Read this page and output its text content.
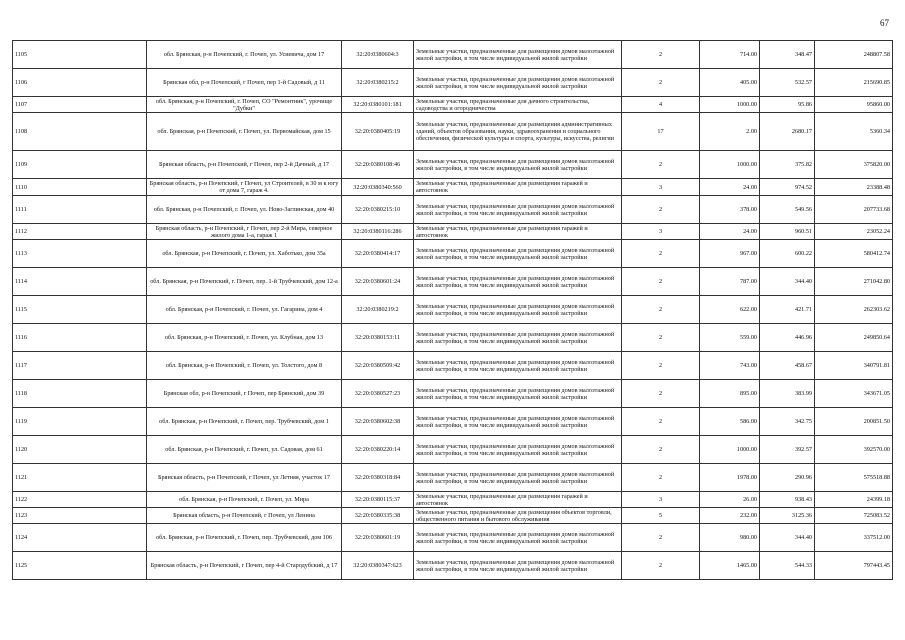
67
1105	обл. Брянская, р-н Почепский, г. Почеп, ул. Усиевича, дом 17	32:20:0380604:3	Земельные участки, предназначенные для размещения домов малоэтажной жилой застройки, в том числе индивидуальной жилой застройки	2	714.00	348.47	248807.58
1106	Брянская обл, р-н Почепский, г Почеп, пер 1-й Садовый, д 11	32:20:0380215:2	Земельные участки, предназначенные для размещения домов малоэтажной жилой застройки, в том числе индивидуальной жилой застройки	2	405.00	532.57	215690.85
1107	обл. Брянская, р-н Почепский, г. Почеп, СО "Ремонтник", урочище "Дубки"	32:20:0380101:181	Земельные участки, предназначенные для дачного строительства, садоводства и огородничества	4	1000.00	95.86	95860.00
1108	обл. Брянская, р-н Почепский, г. Почеп, ул. Первомайская, дом 15	32:20:0380405:19	Земельные участки, предназначенные для размещения административных зданий, объектов образования, науки, здравоохранения и социального обеспечения, физической культуры и спорта, культуры, искусства, религии	17	2.00	2680.17	5360.34
1109	Брянская область, р-н Почепский, г Почеп, пер 2-й Дачный, д 17	32:20:0380108:46	Земельные участки, предназначенные для размещения домов малоэтажной жилой застройки, в том числе индивидуальной жилой застройки	2	1000.00	375.82	375820.00
1110	Брянская область, р-н Почепский, г Почеп, ул Строителей, в 30 м к югу от дома 7, гараж 4.	32:20:0380340:560	Земельные участки, предназначенные для размещения гаражей и автостоянок	3	24.00	974.52	23388.48
1111	обл. Брянская, р-н Почепский, г. Почеп, ул. Ново-Заглинская, дом 40	32:20:0380215:10	Земельные участки, предназначенные для размещения домов малоэтажной жилой застройки, в том числе индивидуальной жилой застройки	2	378.00	549.56	207733.68
1112	Брянская область, р-н Почепский, г Почеп, пер 2-й Мира, северное жилого дома 1-а, гараж 1	32:20:0380116:286	Земельные участки, предназначенные для размещения гаражей и автостоянок	3	24.00	960.51	23052.24
1113	обл. Брянская, р-н Почепский, г. Почеп, ул. Хаботько, дом 35а	32:20:0380414:17	Земельные участки, предназначенные для размещения домов малоэтажной жилой застройки, в том числе индивидуальной жилой застройки	2	967.00	600.22	580412.74
1114	обл. Брянская, р-н Почепский, г. Почеп, пер. 1-й Трубчевский, дом 12-а	32:20:0380601:24	Земельные участки, предназначенные для размещения домов малоэтажной жилой застройки, в том числе индивидуальной жилой застройки	2	787.00	344.40	271042.80
1115	обл. Брянская, р-н Почепский, г. Почеп, ул. Гагарина, дом 4	32:20:0380219:2	Земельные участки, предназначенные для размещения домов малоэтажной жилой застройки, в том числе индивидуальной жилой застройки	2	622.00	421.71	262303.62
1116	обл. Брянская, р-н Почепский, г. Почеп, ул. Клубная, дом 13	32:20:0380153:11	Земельные участки, предназначенные для размещения домов малоэтажной жилой застройки, в том числе индивидуальной жилой застройки	2	559.00	446.96	249850.64
1117	обл. Брянская, р-н Почепский, г. Почеп, ул. Толстого, дом 8	32:20:0380509:42	Земельные участки, предназначенные для размещения домов малоэтажной жилой застройки, в том числе индивидуальной жилой застройки	2	743.00	458.67	340791.81
1118	Брянская обл, р-н Почепский, г Почеп, пер Брянский, дом 39	32:20:0380527:23	Земельные участки, предназначенные для размещения домов малоэтажной жилой застройки, в том числе индивидуальной жилой застройки	2	895.00	383.99	343671.05
1119	обл. Брянская, р-н Почепский, г. Почеп, пер. Трубчевский, дом 1	32:20:0380602:38	Земельные участки, предназначенные для размещения домов малоэтажной жилой застройки, в том числе индивидуальной жилой застройки	2	586.00	342.75	200851.50
1120	обл. Брянская, р-н Почепский, г. Почеп, ул. Садовая, дом 61	32:20:0380220:14	Земельные участки, предназначенные для размещения домов малоэтажной жилой застройки, в том числе индивидуальной жилой застройки	2	1000.00	392.57	392570.00
1121	Брянская область, р-н Почепский, г Почеп, ул Летняя, участок 17	32:20:0380318:84	Земельные участки, предназначенные для размещения домов малоэтажной жилой застройки, в том числе индивидуальной жилой застройки	2	1978.00	290.96	575518.88
1122	обл. Брянская, р-н Почепский, г. Почеп, ул. Мира	32:20:0380115:37	Земельные участки, предназначенные для размещения гаражей и автостоянок	3	26.00	938.43	24399.18
1123	Брянская область, р-н Почепский, г Почеп, ул Ленина	32:20:0380335:38	Земельные участки, предназначенные для размещения объектов торговли, общественного питания и бытового обслуживания	5	232.00	3125.36	725083.52
1124	обл. Брянская, р-н Почепский, г. Почеп, пер. Трубчевский, дом 106	32:20:0380601:19	Земельные участки, предназначенные для размещения домов малоэтажной жилой застройки, в том числе индивидуальной жилой застройки	2	980.00	344.40	337512.00
1125	Брянская область, р-н Почепский, г Почеп, пер 4-й Стародубский, д 17	32:20:0380347:623	Земельные участки, предназначенные для размещения домов малоэтажной жилой застройки, в том числе индивидуальной жилой застройки	2	1465.00	544.33	797443.45
